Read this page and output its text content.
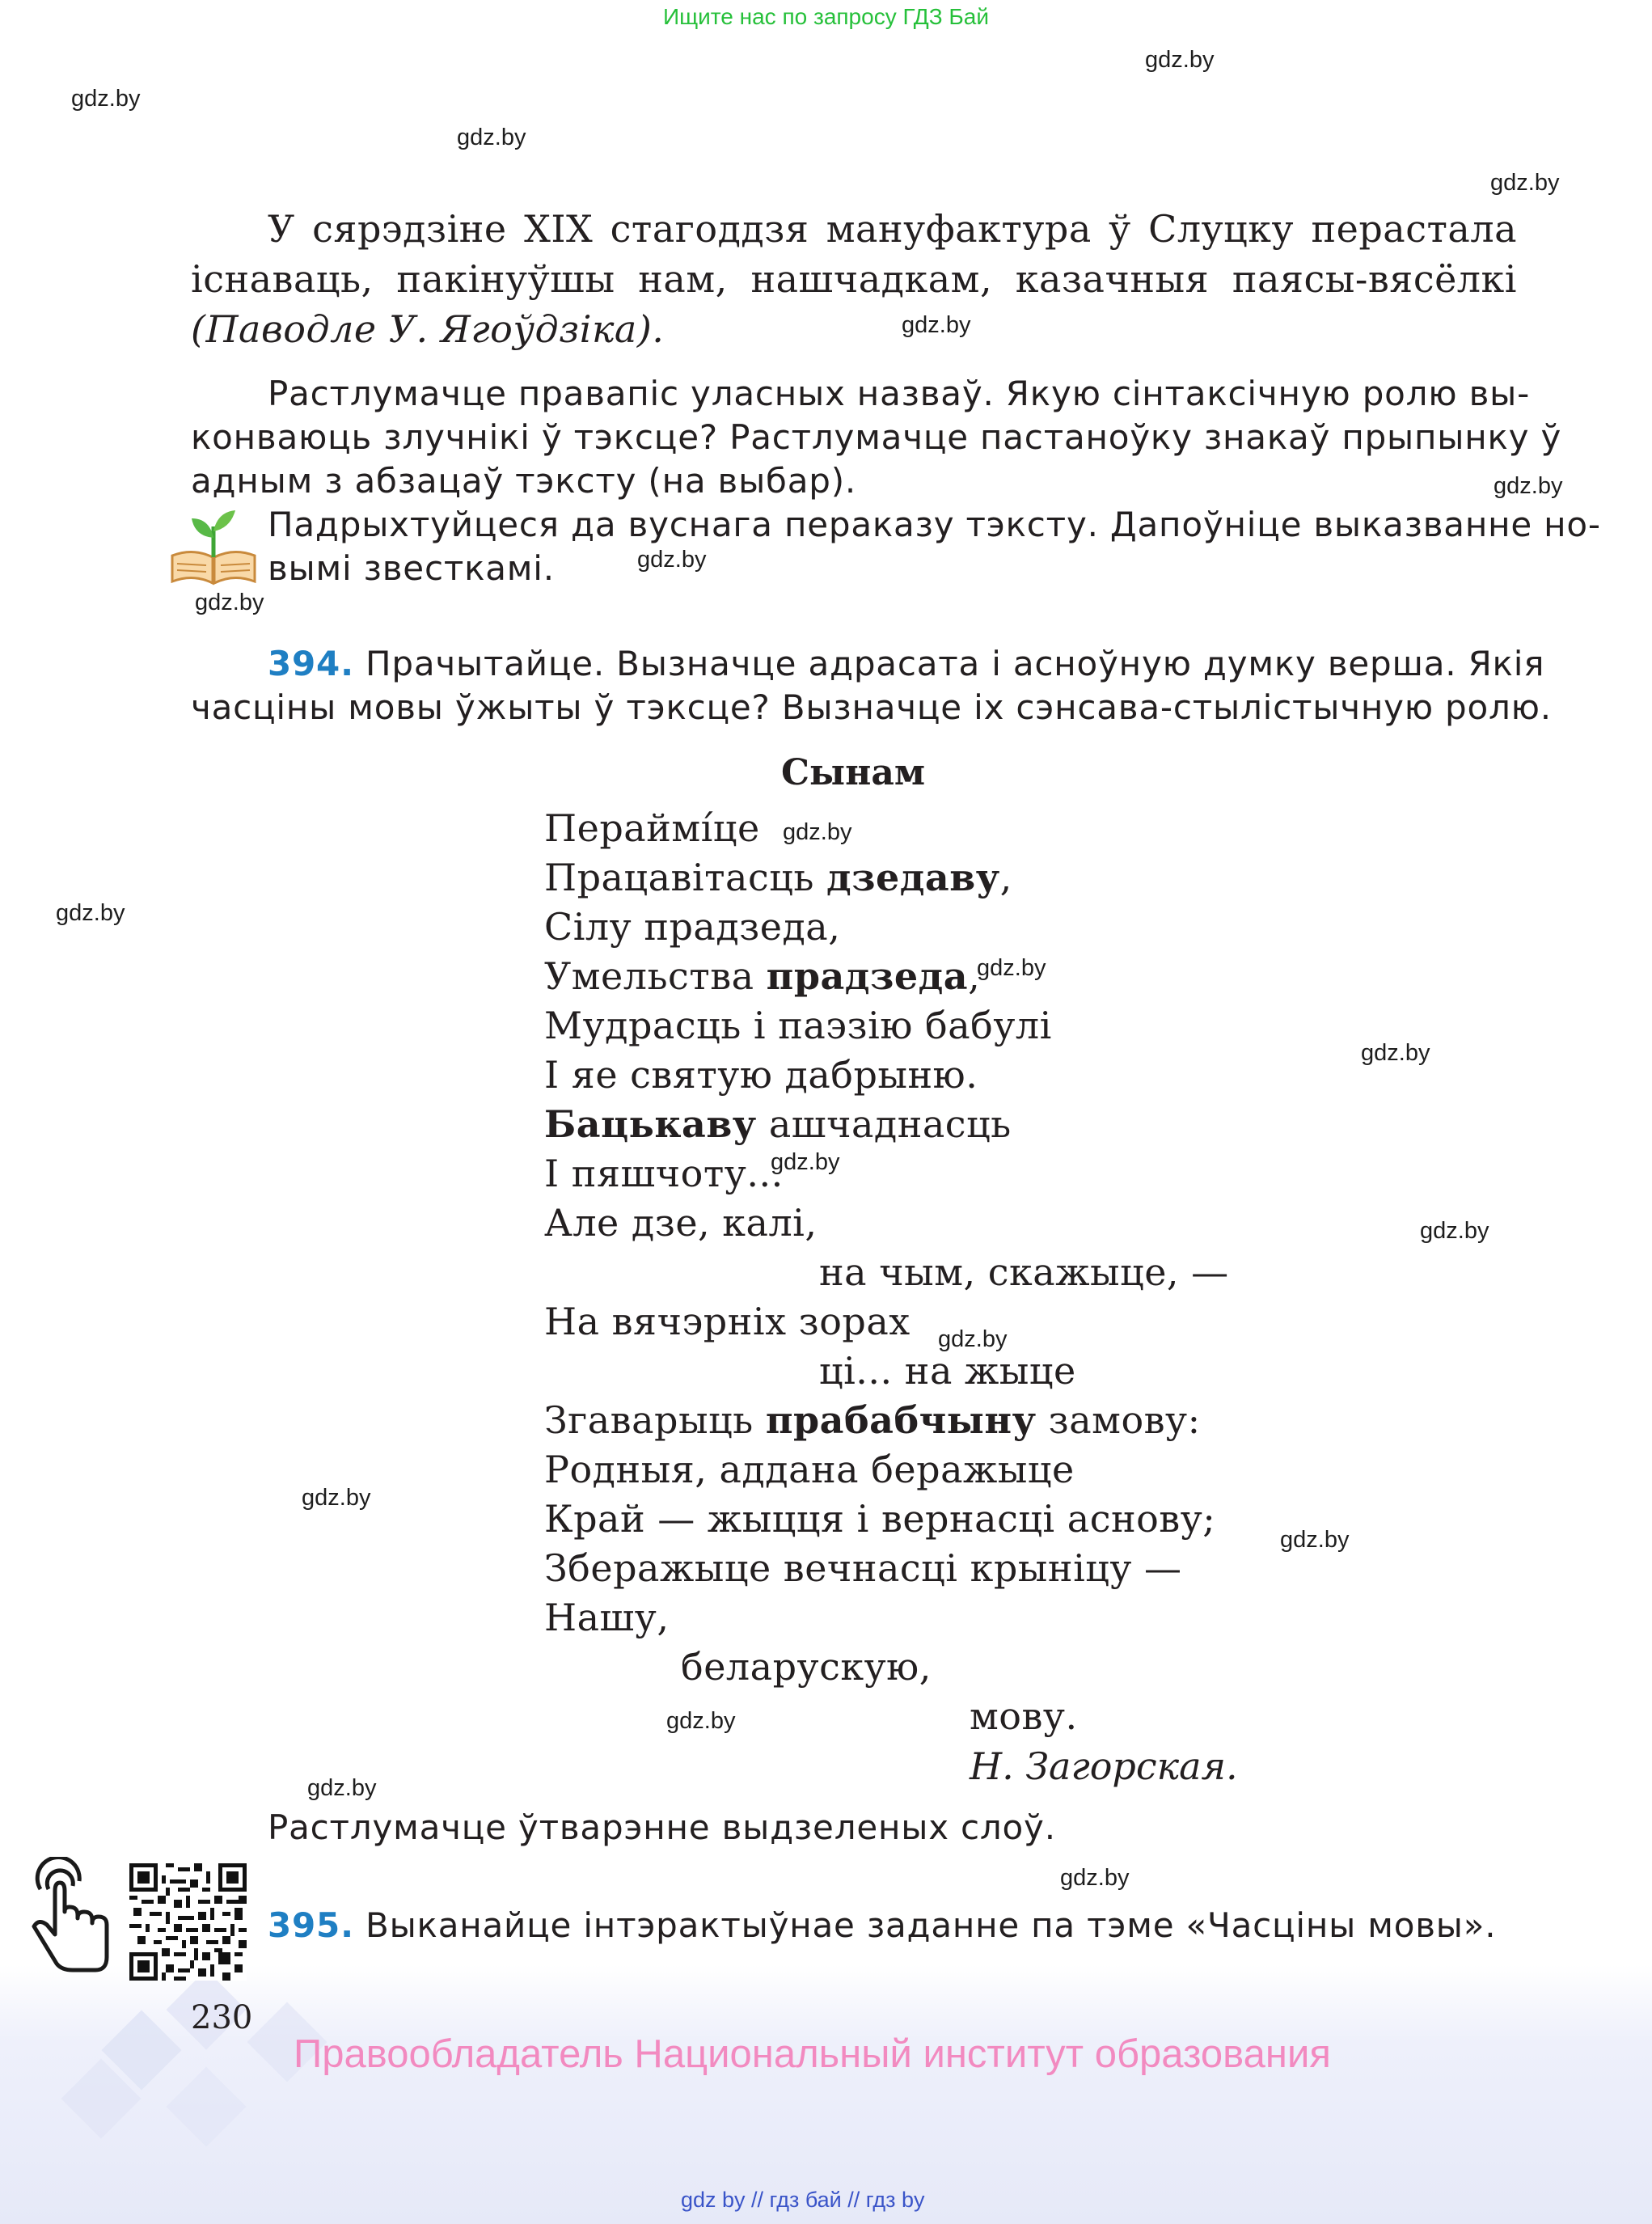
Ищите нас по запросу ГДЗ Бай
gdz.by
gdz.by
gdz.by
gdz.by
gdz.by
gdz.by
gdz.by
gdz.by
gdz.by
gdz.by
gdz.by
gdz.by
gdz.by
gdz.by
gdz.by
gdz.by
gdz.by
gdz.by
gdz.by
gdz.by
У сярэдзіне XIX стагоддзя мануфактура ў Слуцку перастала
існаваць, пакінуўшы нам, нашчадкам, казачныя паясы-вясёлкі
(Паводле У. Ягоўдзіка).
Растлумачце правапіс уласных назваў. Якую сінтаксічную ролю вы-
конваюць злучнікі ў тэксце? Растлумачце пастаноўку знакаў прыпынку ў
адным з абзацаў тэксту (на выбар).
Падрыхтуйцеся да вуснага пераказу тэксту. Дапоўніце выказванне но-
вымі звесткамі.
394. Прачытайце. Вызначце адрасата і асноўную думку верша. Якія
часціны мовы ўжыты ў тэксце? Вызначце іх сэнсава-стылістычную ролю.
Сынам
Пераймíце
Працавітасць дзедаву,
Сілу прадзеда,
Умельства прадзеда,
Мудрасць і паэзію бабулі
І яе святую дабрыню.
Бацькаву ашчаднасць
І пяшчоту...
Але дзе, калі,
на чым, скажыце, —
На вячэрніх зорах
ці... на жыце
Згаварыць прабабчыну замову:
Родныя, аддана беражыце
Край — жыцця і вернасці аснову;
Зберажыце вечнасці крыніцу —
Нашу,
беларускую,
мову.
Н. Загорская.
Растлумачце ўтварэнне выдзеленых слоў.
395. Выканайце інтэрактыўнае заданне па тэме «Часціны мовы».
230
Правообладатель Национальный институт образования
gdz by // гдз бай // гдз by
